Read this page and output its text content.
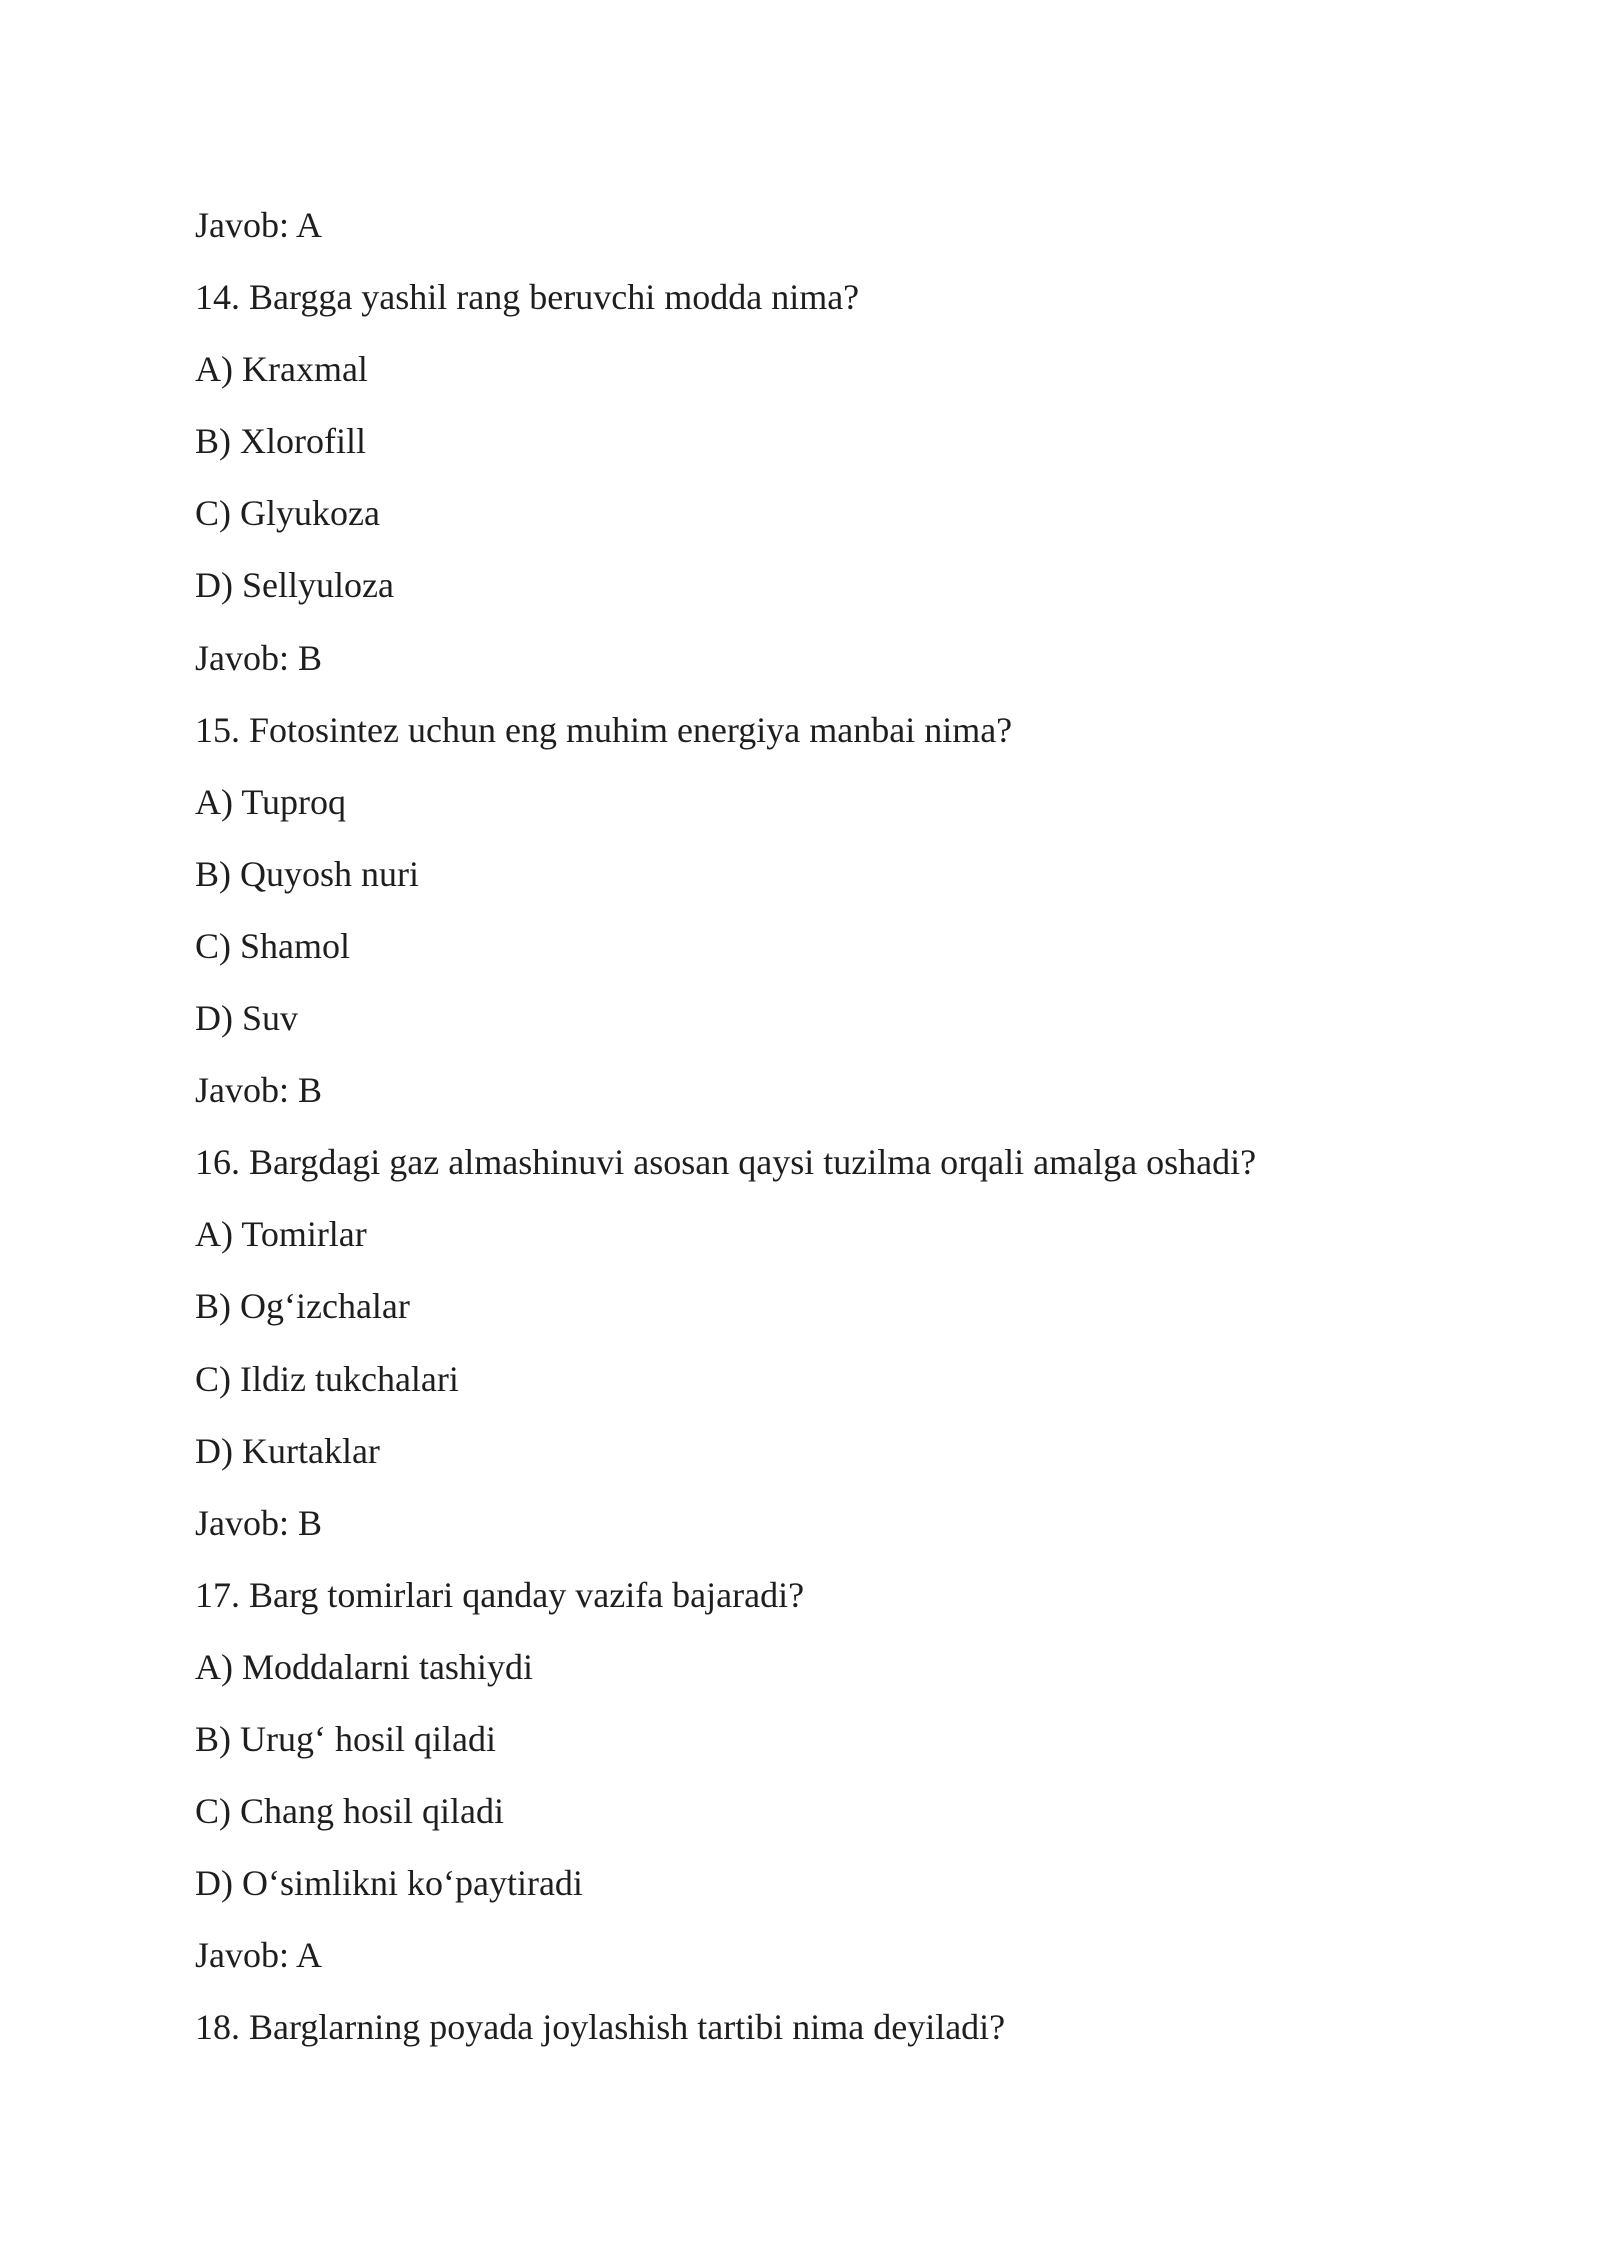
Javob: A
14. Bargga yashil rang beruvchi modda nima?
A) Kraxmal
B) Xlorofill
C) Glyukoza
D) Sellyuloza
Javob: B
15. Fotosintez uchun eng muhim energiya manbai nima?
A) Tuproq
B) Quyosh nuri
C) Shamol
D) Suv
Javob: B
16. Bargdagi gaz almashinuvi asosan qaysi tuzilma orqali amalga oshadi?
A) Tomirlar
B) Og‘izchalar
C) Ildiz tukchalari
D) Kurtaklar
Javob: B
17. Barg tomirlari qanday vazifa bajaradi?
A) Moddalarni tashiydi
B) Urug‘ hosil qiladi
C) Chang hosil qiladi
D) O‘simlikni ko‘paytiradi
Javob: A
18. Barglarning poyada joylashish tartibi nima deyiladi?
